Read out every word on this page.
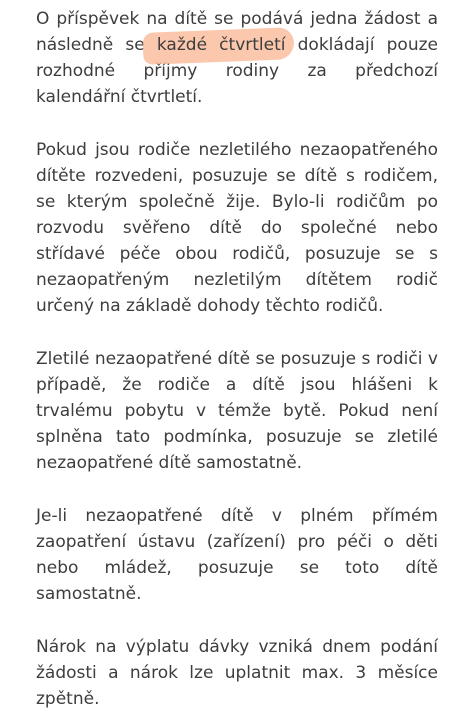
O příspěvek na dítě se podává jedna žádost a následně se každé čtvrtletí dokládají pouze rozhodné příjmy rodiny za předchozí kalendářní čtvrtletí.

Pokud jsou rodiče nezletilého nezaopatřeného dítěte rozvedeni, posuzuje se dítě s rodičem, se kterým společně žije. Bylo-li rodičům po rozvodu svěřeno dítě do společné nebo střídavé péče obou rodičů, posuzuje se s nezaopatřeným nezletilým dítětem rodič určený na základě dohody těchto rodičů.

Zletilé nezaopatřené dítě se posuzuje s rodiči v případě, že rodiče a dítě jsou hlášeni k trvalému pobytu v témže bytě. Pokud není splněna tato podmínka, posuzuje se zletilé nezaopatřené dítě samostatně.

Je-li nezaopatřené dítě v plném přímém zaopatření ústavu (zařízení) pro péči o děti nebo mládež, posuzuje se toto dítě samostatně.

Nárok na výplatu dávky vzniká dnem podání žádosti a nárok lze uplatnit max. 3 měsíce zpětně.
